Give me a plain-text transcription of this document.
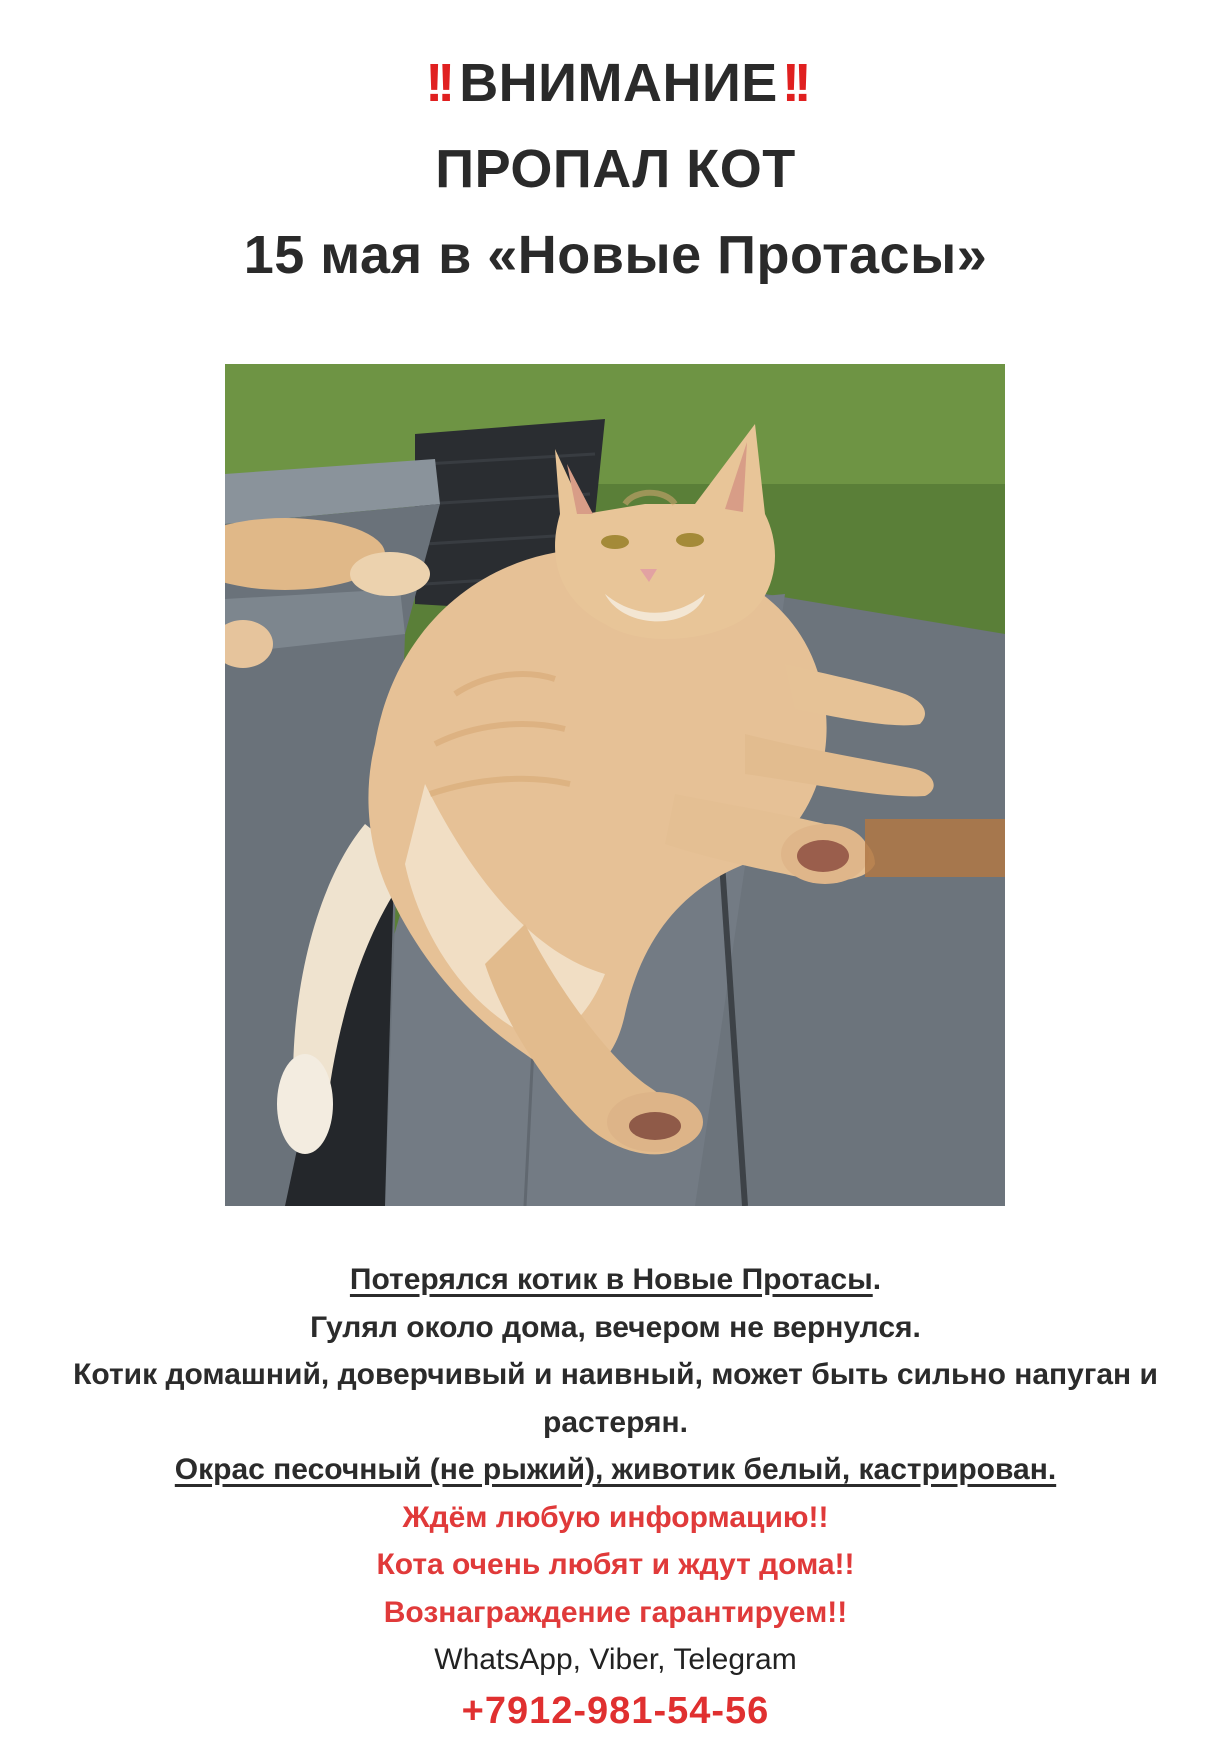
!! ВНИМАНИЕ!!
ПРОПАЛ КОТ
15 мая в «Новые Протасы»
Потерялся котик в Новые Протасы.
Гулял около дома, вечером не вернулся.
Котик домашний, доверчивый и наивный, может быть сильно напуган и растерян.
Окрас песочный (не рыжий), животик белый, кастрирован.
Ждём любую информацию!!
Кота очень любят и ждут дома!!
Вознаграждение гарантируем!!
WhatsApp, Viber, Telegram
+7912-981-54-56
